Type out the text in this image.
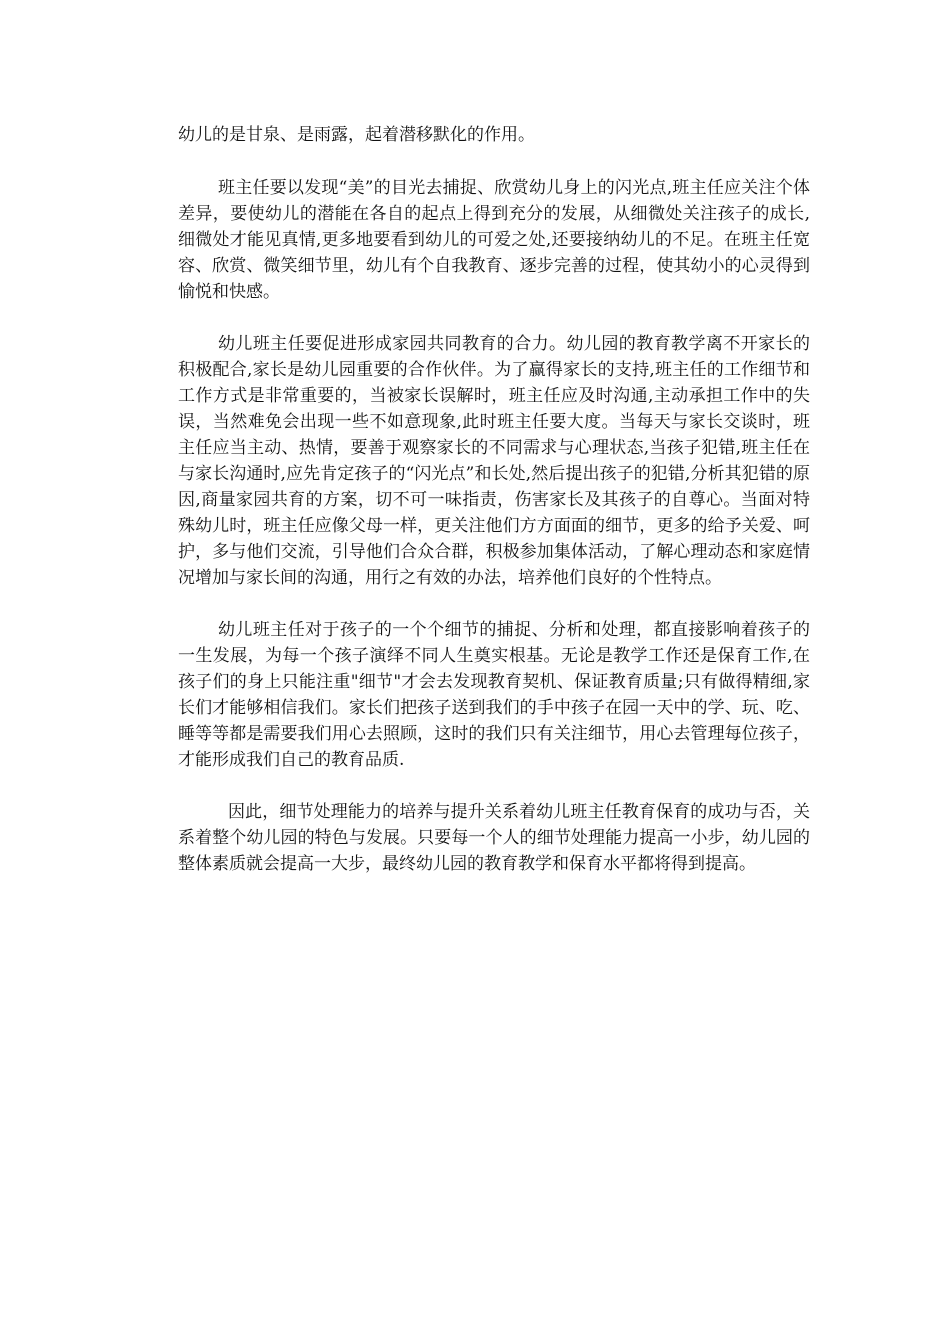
幼儿的是甘泉、是雨露，起着潜移默化的作用。

班主任要以发现“美”的目光去捕捉、欣赏幼儿身上的闪光点,班主任应关注个体差异，要使幼儿的潜能在各自的起点上得到充分的发展，从细微处关注孩子的成长,细微处才能见真情,更多地要看到幼儿的可爱之处,还要接纳幼儿的不足。在班主任宽容、欣赏、微笑细节里，幼儿有个自我教育、逐步完善的过程，使其幼小的心灵得到愉悦和快感。

幼儿班主任要促进形成家园共同教育的合力。幼儿园的教育教学离不开家长的积极配合,家长是幼儿园重要的合作伙伴。为了赢得家长的支持,班主任的工作细节和工作方式是非常重要的，当被家长误解时，班主任应及时沟通,主动承担工作中的失误，当然难免会出现一些不如意现象,此时班主任要大度。当每天与家长交谈时，班主任应当主动、热情，要善于观察家长的不同需求与心理状态,当孩子犯错,班主任在与家长沟通时,应先肯定孩子的“闪光点”和长处,然后提出孩子的犯错,分析其犯错的原因,商量家园共育的方案，切不可一味指责，伤害家长及其孩子的自尊心。当面对特殊幼儿时，班主任应像父母一样，更关注他们方方面面的细节，更多的给予关爱、呵护，多与他们交流，引导他们合众合群，积极参加集体活动，了解心理动态和家庭情况增加与家长间的沟通，用行之有效的办法，培养他们良好的个性特点。

幼儿班主任对于孩子的一个个细节的捕捉、分析和处理，都直接影响着孩子的一生发展，为每一个孩子演绎不同人生奠实根基。无论是教学工作还是保育工作,在孩子们的身上只能注重"细节"才会去发现教育契机、保证教育质量;只有做得精细,家长们才能够相信我们。家长们把孩子送到我们的手中孩子在园一天中的学、玩、吃、睡等等都是需要我们用心去照顾，这时的我们只有关注细节，用心去管理每位孩子，才能形成我们自己的教育品质.

因此，细节处理能力的培养与提升关系着幼儿班主任教育保育的成功与否，关系着整个幼儿园的特色与发展。只要每一个人的细节处理能力提高一小步，幼儿园的整体素质就会提高一大步，最终幼儿园的教育教学和保育水平都将得到提高。
